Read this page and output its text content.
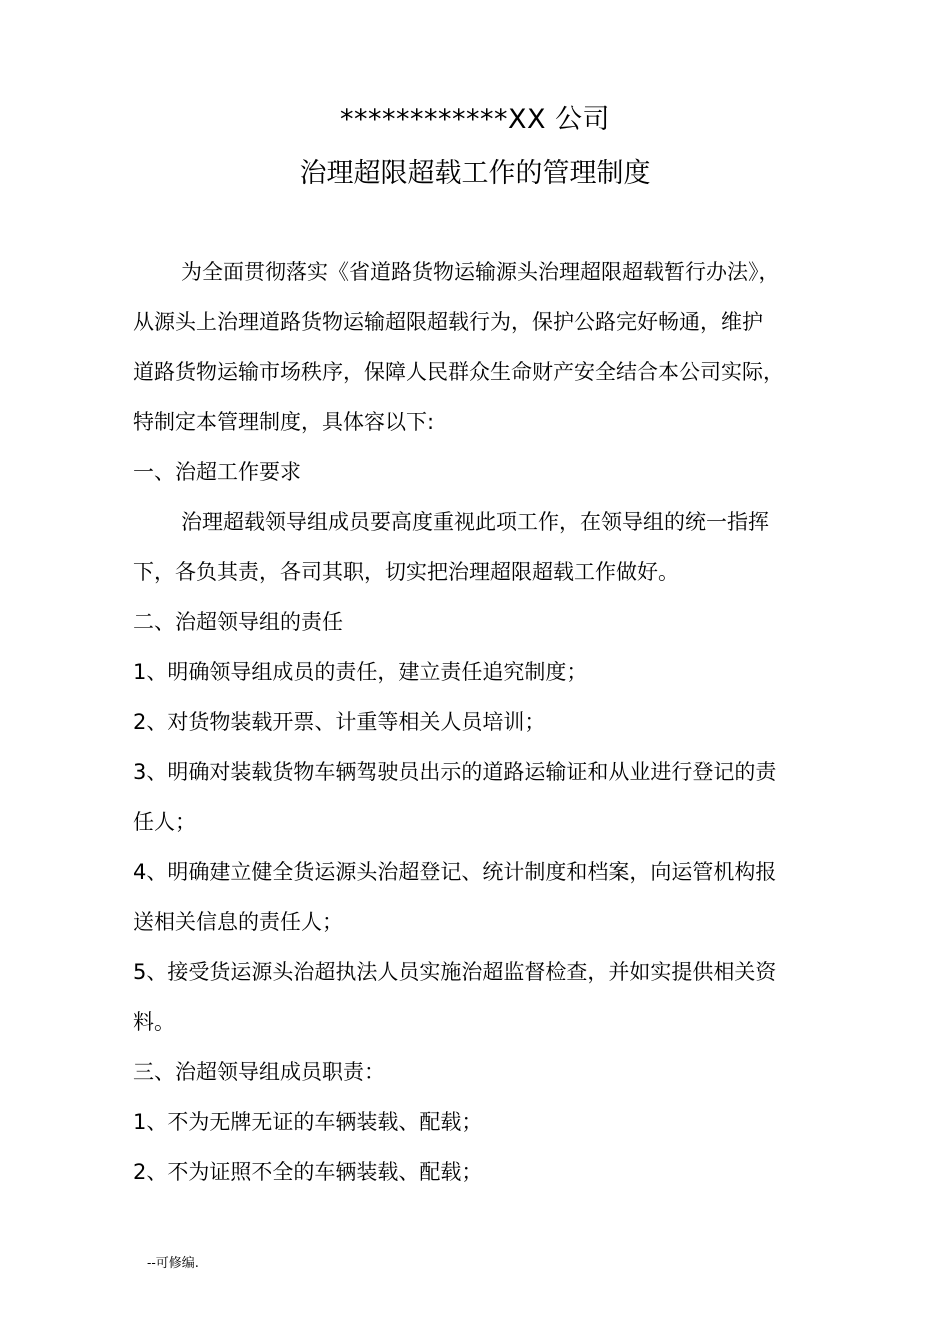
************XX 公司
治理超限超载工作的管理制度
为全面贯彻落实《省道路货物运输源头治理超限超载暂行办法》，
从源头上治理道路货物运输超限超载行为，保护公路完好畅通，维护
道路货物运输市场秩序，保障人民群众生命财产安全结合本公司实际，
特制定本管理制度，具体容以下:
一、治超工作要求
治理超载领导组成员要高度重视此项工作，在领导组的统一指挥
下，各负其责，各司其职，切实把治理超限超载工作做好。
二、治超领导组的责任
1、明确领导组成员的责任，建立责任追究制度；
2、对货物装载开票、计重等相关人员培训；
3、明确对装载货物车辆驾驶员出示的道路运输证和从业进行登记的责
任人；
4、明确建立健全货运源头治超登记、统计制度和档案，向运管机构报
送相关信息的责任人；
5、接受货运源头治超执法人员实施治超监督检查，并如实提供相关资
料。
三、治超领导组成员职责：
1、不为无牌无证的车辆装载、配载；
2、不为证照不全的车辆装载、配载；
--可修编.
